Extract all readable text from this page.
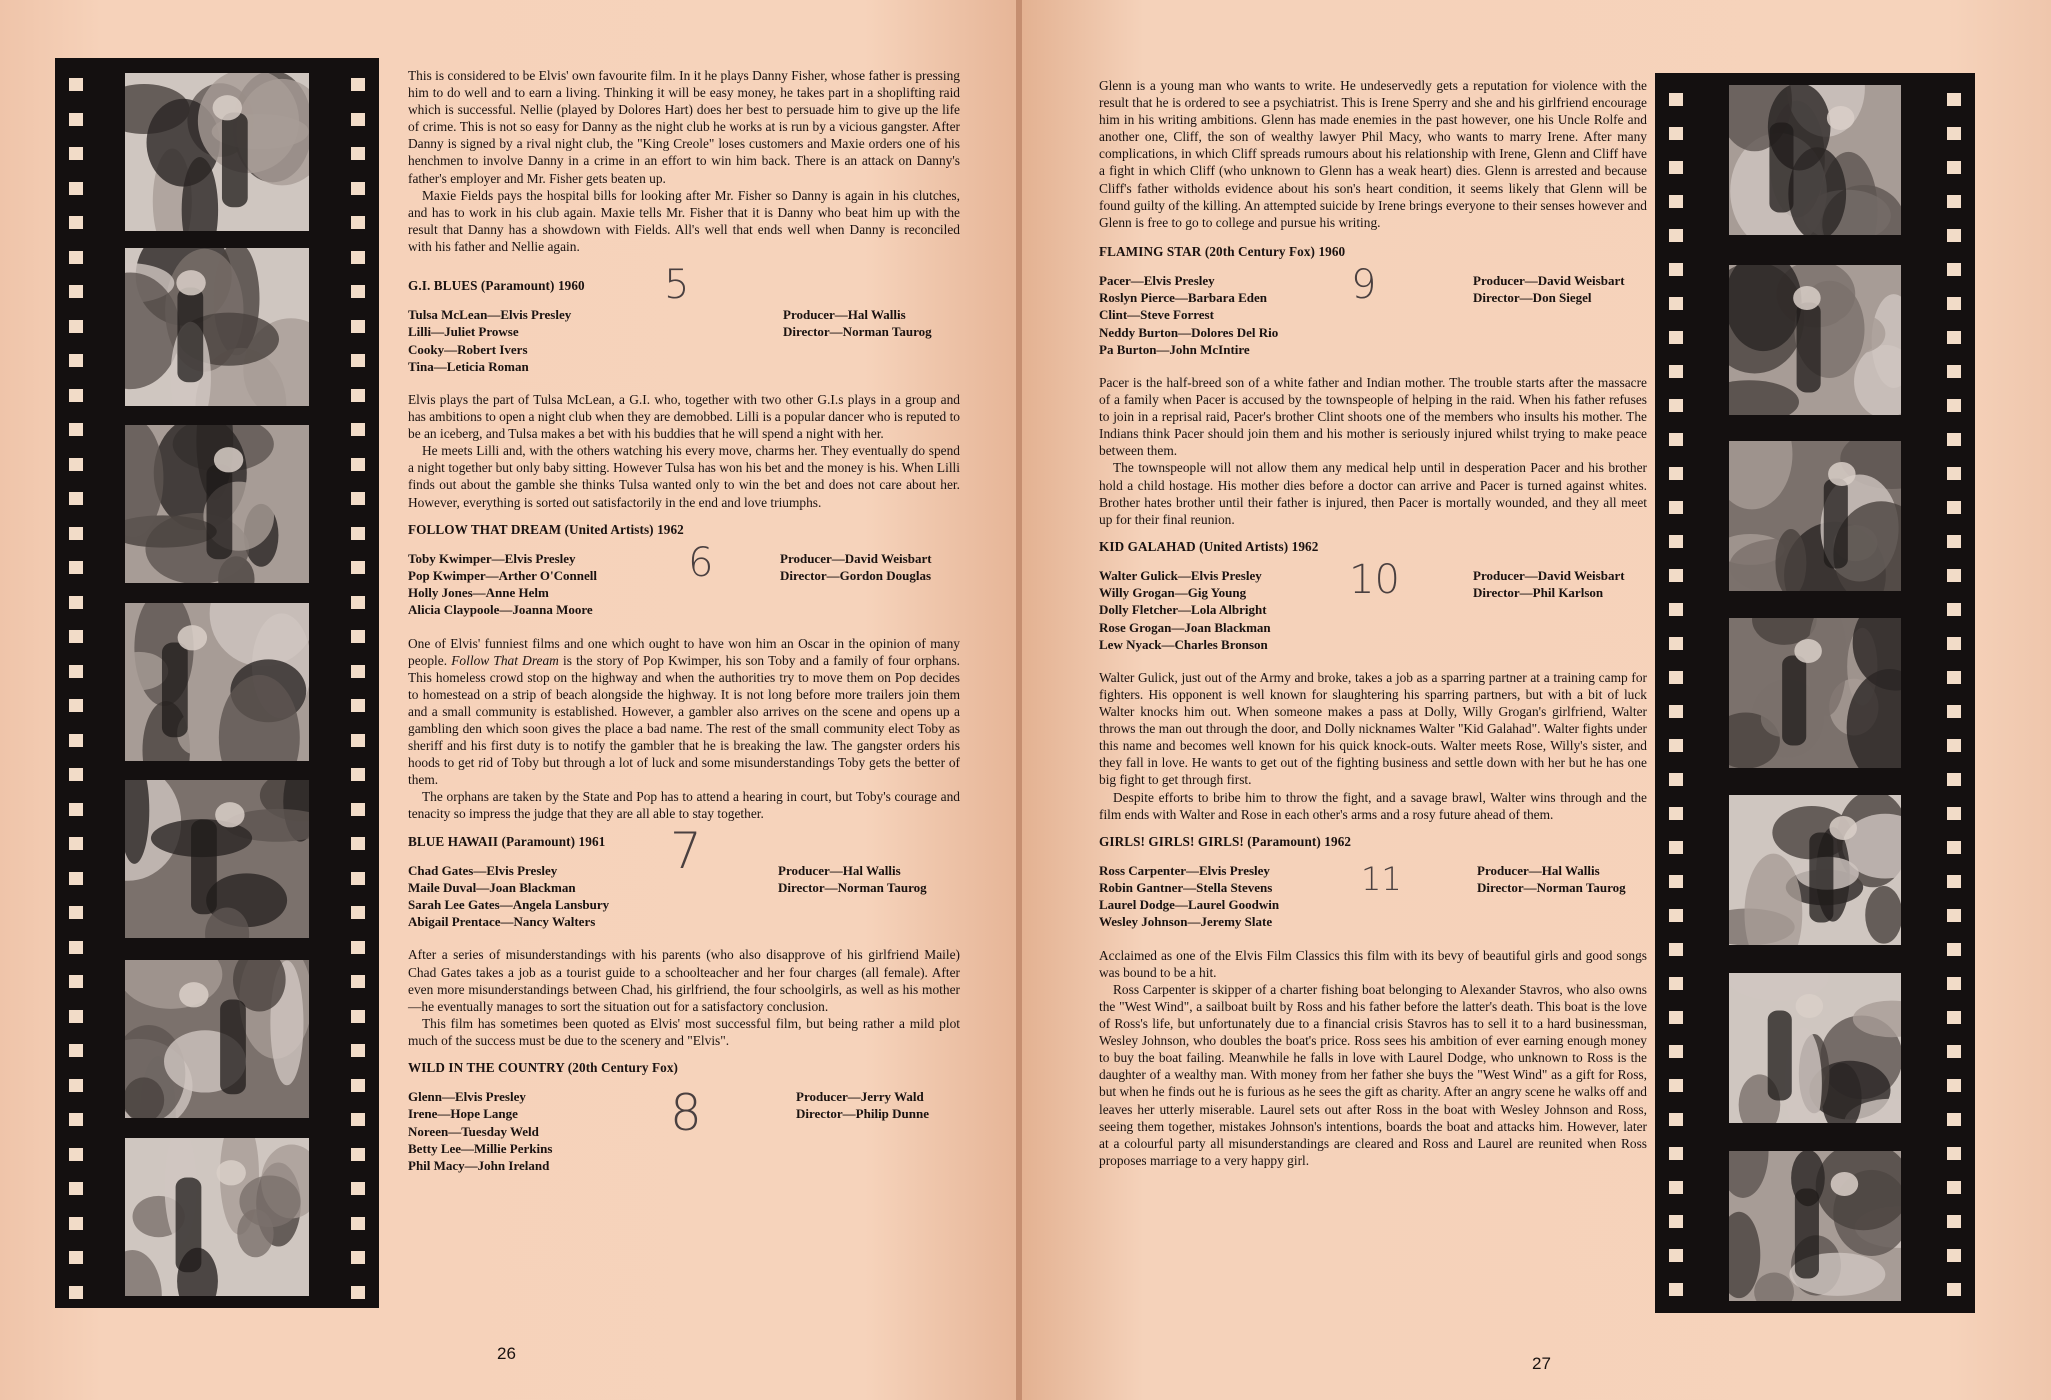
This is considered to be Elvis' own favourite film. In it he plays Danny Fisher, whose father is pressing him to do well and to earn a living. Thinking it will be easy money, he takes part in a shoplifting raid which is successful. Nellie (played by Dolores Hart) does her best to persuade him to give up the life of crime. This is not so easy for Danny as the night club he works at is run by a vicious gangster. After Danny is signed by a rival night club, the "King Creole" loses customers and Maxie orders one of his henchmen to involve Danny in a crime in an effort to win him back. There is an attack on Danny's father's employer and Mr. Fisher gets beaten up.

Maxie Fields pays the hospital bills for looking after Mr. Fisher so Danny is again in his clutches, and has to work in his club again. Maxie tells Mr. Fisher that it is Danny who beat him up with the result that Danny has a showdown with Fields. All's well that ends well when Danny is reconciled with his father and Nellie again.

G.I. BLUES (Paramount) 1960	5
Tulsa McLean—Elvis Presley
Lilli—Juliet Prowse
Cooky—Robert Ivers
Tina—Leticia Roman
Producer—Hal Wallis
Director—Norman Taurog

Elvis plays the part of Tulsa McLean, a G.I. who, together with two other G.I.s plays in a group and has ambitions to open a night club when they are demobbed. Lilli is a popular dancer who is reputed to be an iceberg, and Tulsa makes a bet with his buddies that he will spend a night with her.

He meets Lilli and, with the others watching his every move, charms her. They eventually do spend a night together but only baby sitting. However Tulsa has won his bet and the money is his. When Lilli finds out about the gamble she thinks Tulsa wanted only to win the bet and does not care about her. However, everything is sorted out satisfactorily in the end and love triumphs.

FOLLOW THAT DREAM (United Artists) 1962

6
Toby Kwimper—Elvis Presley
Pop Kwimper—Arther O'Connell
Holly Jones—Anne Helm
Alicia Claypoole—Joanna Moore
Producer—David Weisbart
Director—Gordon Douglas

One of Elvis' funniest films and one which ought to have won him an Oscar in the opinion of many people. Follow That Dream is the story of Pop Kwimper, his son Toby and a family of four orphans. This homeless crowd stop on the highway and when the authorities try to move them on Pop decides to homestead on a strip of beach alongside the highway. It is not long before more trailers join them and a small community is established. However, a gambler also arrives on the scene and opens up a gambling den which soon gives the place a bad name. The rest of the small community elect Toby as sheriff and his first duty is to notify the gambler that he is breaking the law. The gangster orders his hoods to get rid of Toby but through a lot of luck and some misunderstandings Toby gets the better of them.

The orphans are taken by the State and Pop has to attend a hearing in court, but Toby's courage and tenacity so impress the judge that they are all able to stay together.

BLUE HAWAII (Paramount) 1961	7
Chad Gates—Elvis Presley
Maile Duval—Joan Blackman
Sarah Lee Gates—Angela Lansbury
Abigail Prentace—Nancy Walters
Producer—Hal Wallis
Director—Norman Taurog

After a series of misunderstandings with his parents (who also disapprove of his girlfriend Maile) Chad Gates takes a job as a tourist guide to a schoolteacher and her four charges (all female). After even more misunderstandings between Chad, his girlfriend, the four schoolgirls, as well as his mother—he eventually manages to sort the situation out for a satisfactory conclusion.

This film has sometimes been quoted as Elvis' most successful film, but being rather a mild plot much of the success must be due to the scenery and "Elvis".

WILD IN THE COUNTRY (20th Century Fox)

8
Glenn—Elvis Presley
Irene—Hope Lange
Noreen—Tuesday Weld
Betty Lee—Millie Perkins
Phil Macy—John Ireland
Producer—Jerry Wald
Director—Philip Dunne
26

Glenn is a young man who wants to write. He undeservedly gets a reputation for violence with the result that he is ordered to see a psychiatrist. This is Irene Sperry and she and his girlfriend encourage him in his writing ambitions. Glenn has made enemies in the past however, one his Uncle Rolfe and another one, Cliff, the son of wealthy lawyer Phil Macy, who wants to marry Irene. After many complications, in which Cliff spreads rumours about his relationship with Irene, Glenn and Cliff have a fight in which Cliff (who unknown to Glenn has a weak heart) dies. Glenn is arrested and because Cliff's father witholds evidence about his son's heart condition, it seems likely that Glenn will be found guilty of the killing. An attempted suicide by Irene brings everyone to their senses however and Glenn is free to go to college and pursue his writing.

FLAMING STAR (20th Century Fox) 1960

9
Pacer—Elvis Presley
Roslyn Pierce—Barbara Eden
Clint—Steve Forrest
Neddy Burton—Dolores Del Rio
Pa Burton—John McIntire
Producer—David Weisbart
Director—Don Siegel

Pacer is the half-breed son of a white father and Indian mother. The trouble starts after the massacre of a family when Pacer is accused by the townspeople of helping in the raid. When his father refuses to join in a reprisal raid, Pacer's brother Clint shoots one of the members who insults his mother. The Indians think Pacer should join them and his mother is seriously injured whilst trying to make peace between them.

The townspeople will not allow them any medical help until in desperation Pacer and his brother hold a child hostage. His mother dies before a doctor can arrive and Pacer is turned against whites. Brother hates brother until their father is injured, then Pacer is mortally wounded, and they all meet up for their final reunion.

KID GALAHAD (United Artists) 1962

10
Walter Gulick—Elvis Presley
Willy Grogan—Gig Young
Dolly Fletcher—Lola Albright
Rose Grogan—Joan Blackman
Lew Nyack—Charles Bronson
Producer—David Weisbart
Director—Phil Karlson

Walter Gulick, just out of the Army and broke, takes a job as a sparring partner at a training camp for fighters. His opponent is well known for slaughtering his sparring partners, but with a bit of luck Walter knocks him out. When someone makes a pass at Dolly, Willy Grogan's girlfriend, Walter throws the man out through the door, and Dolly nicknames Walter "Kid Galahad". Walter fights under this name and becomes well known for his quick knock-outs. Walter meets Rose, Willy's sister, and they fall in love. He wants to get out of the fighting business and settle down with her but he has one big fight to get through first.

Despite efforts to bribe him to throw the fight, and a savage brawl, Walter wins through and the film ends with Walter and Rose in each other's arms and a rosy future ahead of them.

GIRLS! GIRLS! GIRLS! (Paramount) 1962

11
Ross Carpenter—Elvis Presley
Robin Gantner—Stella Stevens
Laurel Dodge—Laurel Goodwin
Wesley Johnson—Jeremy Slate
Producer—Hal Wallis
Director—Norman Taurog

Acclaimed as one of the Elvis Film Classics this film with its bevy of beautiful girls and good songs was bound to be a hit.

Ross Carpenter is skipper of a charter fishing boat belonging to Alexander Stavros, who also owns the "West Wind", a sailboat built by Ross and his father before the latter's death. This boat is the love of Ross's life, but unfortunately due to a financial crisis Stavros has to sell it to a hard businessman, Wesley Johnson, who doubles the boat's price. Ross sees his ambition of ever earning enough money to buy the boat failing. Meanwhile he falls in love with Laurel Dodge, who unknown to Ross is the daughter of a wealthy man. With money from her father she buys the "West Wind" as a gift for Ross, but when he finds out he is furious as he sees the gift as charity. After an angry scene he walks off and leaves her utterly miserable. Laurel sets out after Ross in the boat with Wesley Johnson and Ross, seeing them together, mistakes Johnson's intentions, boards the boat and attacks him. However, later at a colourful party all misunderstandings are cleared and Ross and Laurel are reunited when Ross proposes marriage to a very happy girl.

27
